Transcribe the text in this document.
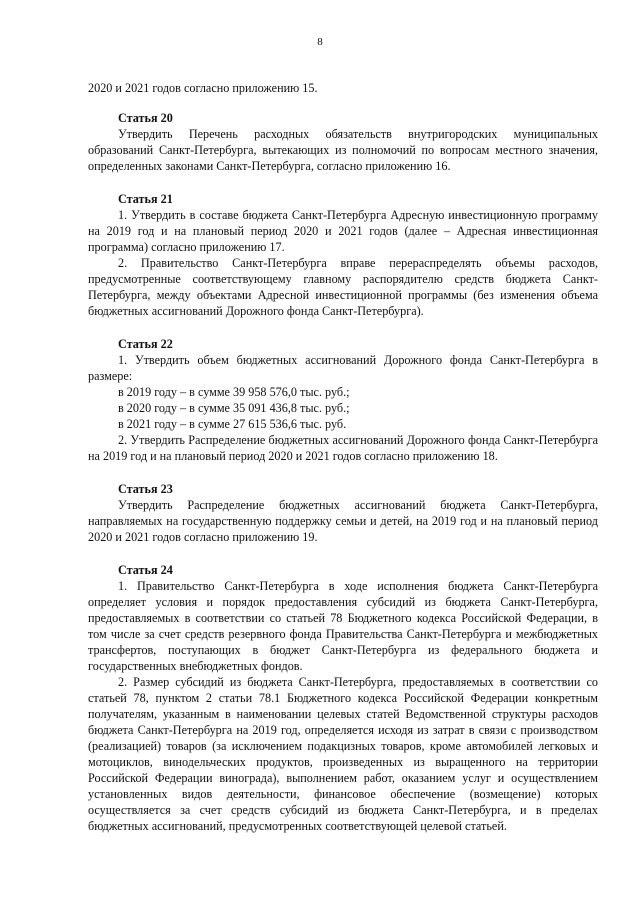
8

2020 и 2021 годов согласно приложению 15.

Статья 20

Утвердить Перечень расходных обязательств внутригородских муниципальных образований Санкт-Петербурга, вытекающих из полномочий по вопросам местного значения, определенных законами Санкт-Петербурга, согласно приложению 16.

Статья 21

1. Утвердить в составе бюджета Санкт-Петербурга Адресную инвестиционную программу на 2019 год и на плановый период 2020 и 2021 годов (далее – Адресная инвестиционная программа) согласно приложению 17.

2. Правительство Санкт-Петербурга вправе перераспределять объемы расходов, предусмотренные соответствующему главному распорядителю средств бюджета Санкт-Петербурга, между объектами Адресной инвестиционной программы (без изменения объема бюджетных ассигнований Дорожного фонда Санкт-Петербурга).

Статья 22

1. Утвердить объем бюджетных ассигнований Дорожного фонда Санкт-Петербурга в размере:

в 2019 году – в сумме 39 958 576,0 тыс. руб.;

в 2020 году – в сумме 35 091 436,8 тыс. руб.;

в 2021 году – в сумме 27 615 536,6 тыс. руб.

2. Утвердить Распределение бюджетных ассигнований Дорожного фонда Санкт-Петербурга на 2019 год и на плановый период 2020 и 2021 годов согласно приложению 18.

Статья 23

Утвердить Распределение бюджетных ассигнований бюджета Санкт-Петербурга, направляемых на государственную поддержку семьи и детей, на 2019 год и на плановый период 2020 и 2021 годов согласно приложению 19.

Статья 24

1. Правительство Санкт-Петербурга в ходе исполнения бюджета Санкт-Петербурга определяет условия и порядок предоставления субсидий из бюджета Санкт-Петербурга, предоставляемых в соответствии со статьей 78 Бюджетного кодекса Российской Федерации, в том числе за счет средств резервного фонда Правительства Санкт-Петербурга и межбюджетных трансфертов, поступающих в бюджет Санкт-Петербурга из федерального бюджета и государственных внебюджетных фондов.

2. Размер субсидий из бюджета Санкт-Петербурга, предоставляемых в соответствии со статьей 78, пунктом 2 статьи 78.1 Бюджетного кодекса Российской Федерации конкретным получателям, указанным в наименовании целевых статей Ведомственной структуры расходов бюджета Санкт-Петербурга на 2019 год, определяется исходя из затрат в связи с производством (реализацией) товаров (за исключением подакцизных товаров, кроме автомобилей легковых и мотоциклов, винодельческих продуктов, произведенных из выращенного на территории Российской Федерации винограда), выполнением работ, оказанием услуг и осуществлением установленных видов деятельности, финансовое обеспечение (возмещение) которых осуществляется за счет средств субсидий из бюджета Санкт-Петербурга, и в пределах бюджетных ассигнований, предусмотренных соответствующей целевой статьей.
